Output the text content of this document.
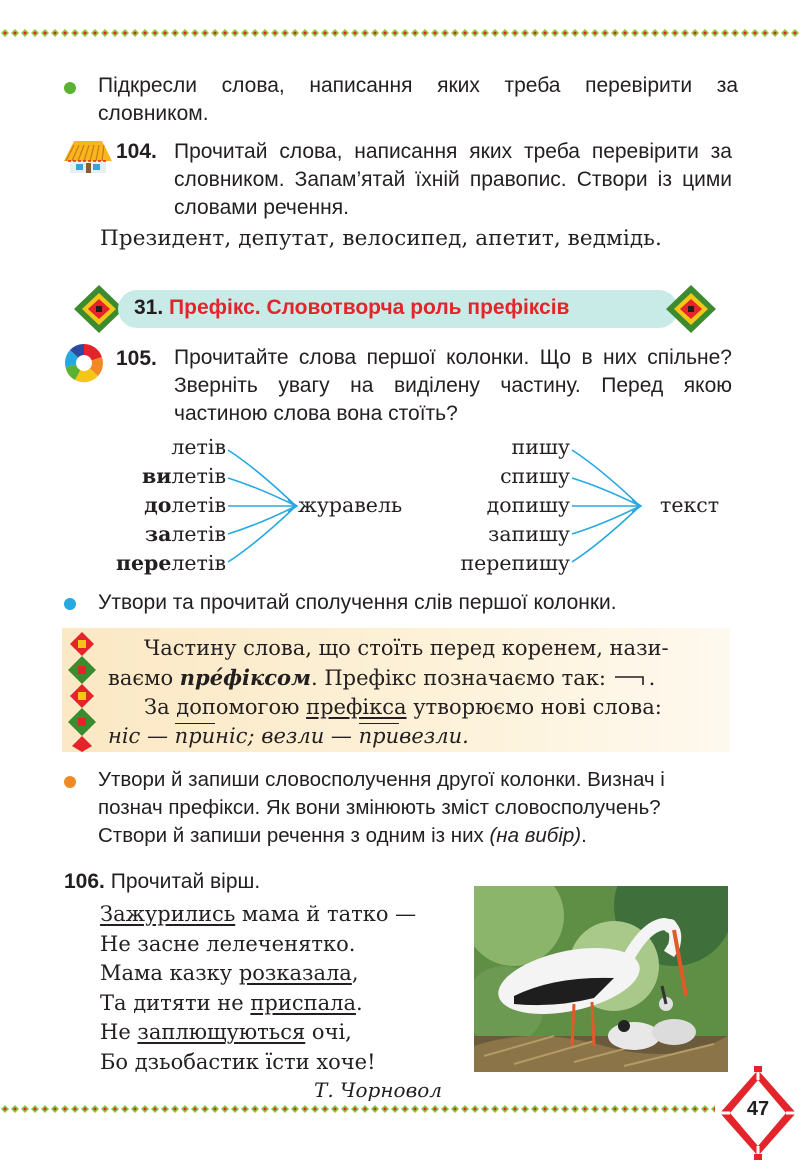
Підкресли слова, написання яких треба перевірити за словником.
104. Прочитай слова, написання яких треба перевірити за словником. Запам’ятай їхній правопис. Створи із цими словами речення.
Президент, депутат, велосипед, апетит, ведмідь.
31. Префікс. Словотворча роль префіксів
105. Прочитайте слова першої колонки. Що в них спільне? Зверніть увагу на виділену частину. Перед якою частиною слова вона стоїть?
летів
вилетів
долетів
залетів
перелетів
журавель
пишу
спишу
допишу
запишу
перепишу
текст
Утвори та прочитай сполучення слів першої колонки.
Частину слова, що стоїть перед коренем, нази-
ваємо пре́фіксом. Префікс позначаємо так: .
За допомогою префікса утворюємо нові слова:
ніс — приніс; везли — привезли.
Утвори й запиши словосполучення другої колонки. Визнач і познач префікси. Як вони змінюють зміст словосполучень? Створи й запиши речення з одним із них (на вибір).
106. Прочитай вірш.
Зажурились мама й татко —
Не засне лелеченятко.
Мама казку розказала,
Та дитяти не приспала.
Не заплющуються очі,
Бо дзьобастик їсти хоче!
Т. Чорновол
47
